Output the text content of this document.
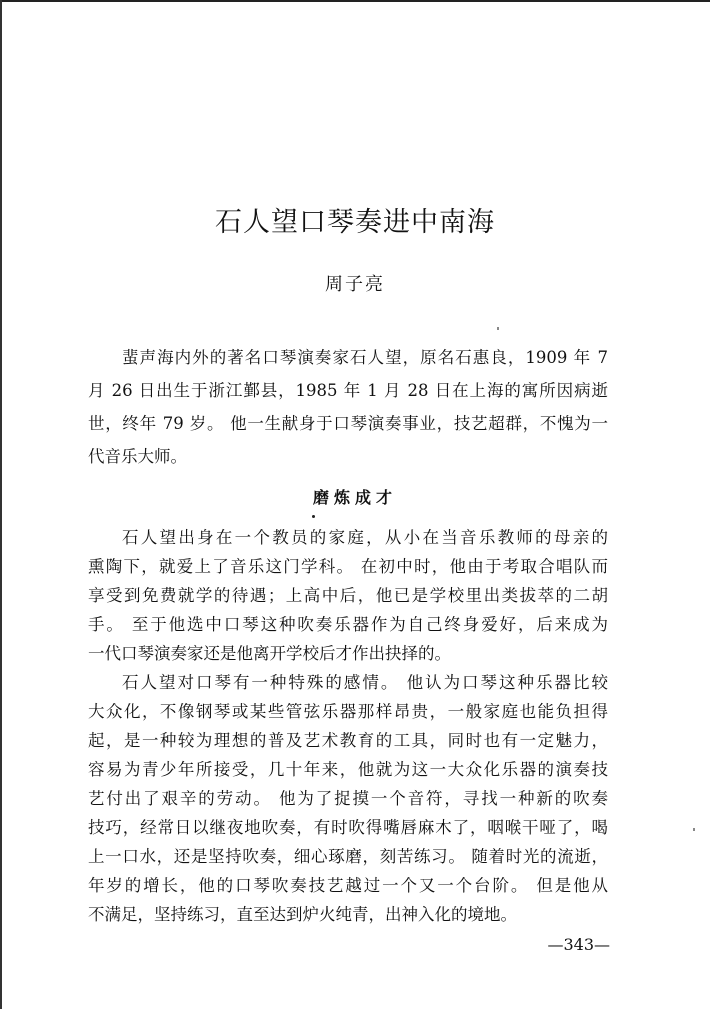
石人望口琴奏进中南海
周子亮
蜚声海内外的著名口琴演奏家石人望，原名石惠良，1909 年 7
月 26 日出生于浙江鄞县，1985 年 1 月 28 日在上海的寓所因病逝
世，终年 79 岁。 他一生献身于口琴演奏事业，技艺超群，不愧为一
代音乐大师。
磨炼成才
石人望出身在一个教员的家庭，从小在当音乐教师的母亲的
熏陶下，就爱上了音乐这门学科。 在初中时，他由于考取合唱队而
享受到免费就学的待遇；上高中后，他已是学校里出类拔萃的二胡
手。 至于他选中口琴这种吹奏乐器作为自己终身爱好，后来成为
一代口琴演奏家还是他离开学校后才作出抉择的。
石人望对口琴有一种特殊的感情。 他认为口琴这种乐器比较
大众化，不像钢琴或某些管弦乐器那样昂贵，一般家庭也能负担得
起，是一种较为理想的普及艺术教育的工具，同时也有一定魅力，
容易为青少年所接受，几十年来，他就为这一大众化乐器的演奏技
艺付出了艰辛的劳动。 他为了捉摸一个音符，寻找一种新的吹奏
技巧，经常日以继夜地吹奏，有时吹得嘴唇麻木了，咽喉干哑了，喝
上一口水，还是坚持吹奏，细心琢磨，刻苦练习。 随着时光的流逝，
年岁的增长，他的口琴吹奏技艺越过一个又一个台阶。 但是他从
不满足，坚持练习，直至达到炉火纯青，出神入化的境地。
—343—
